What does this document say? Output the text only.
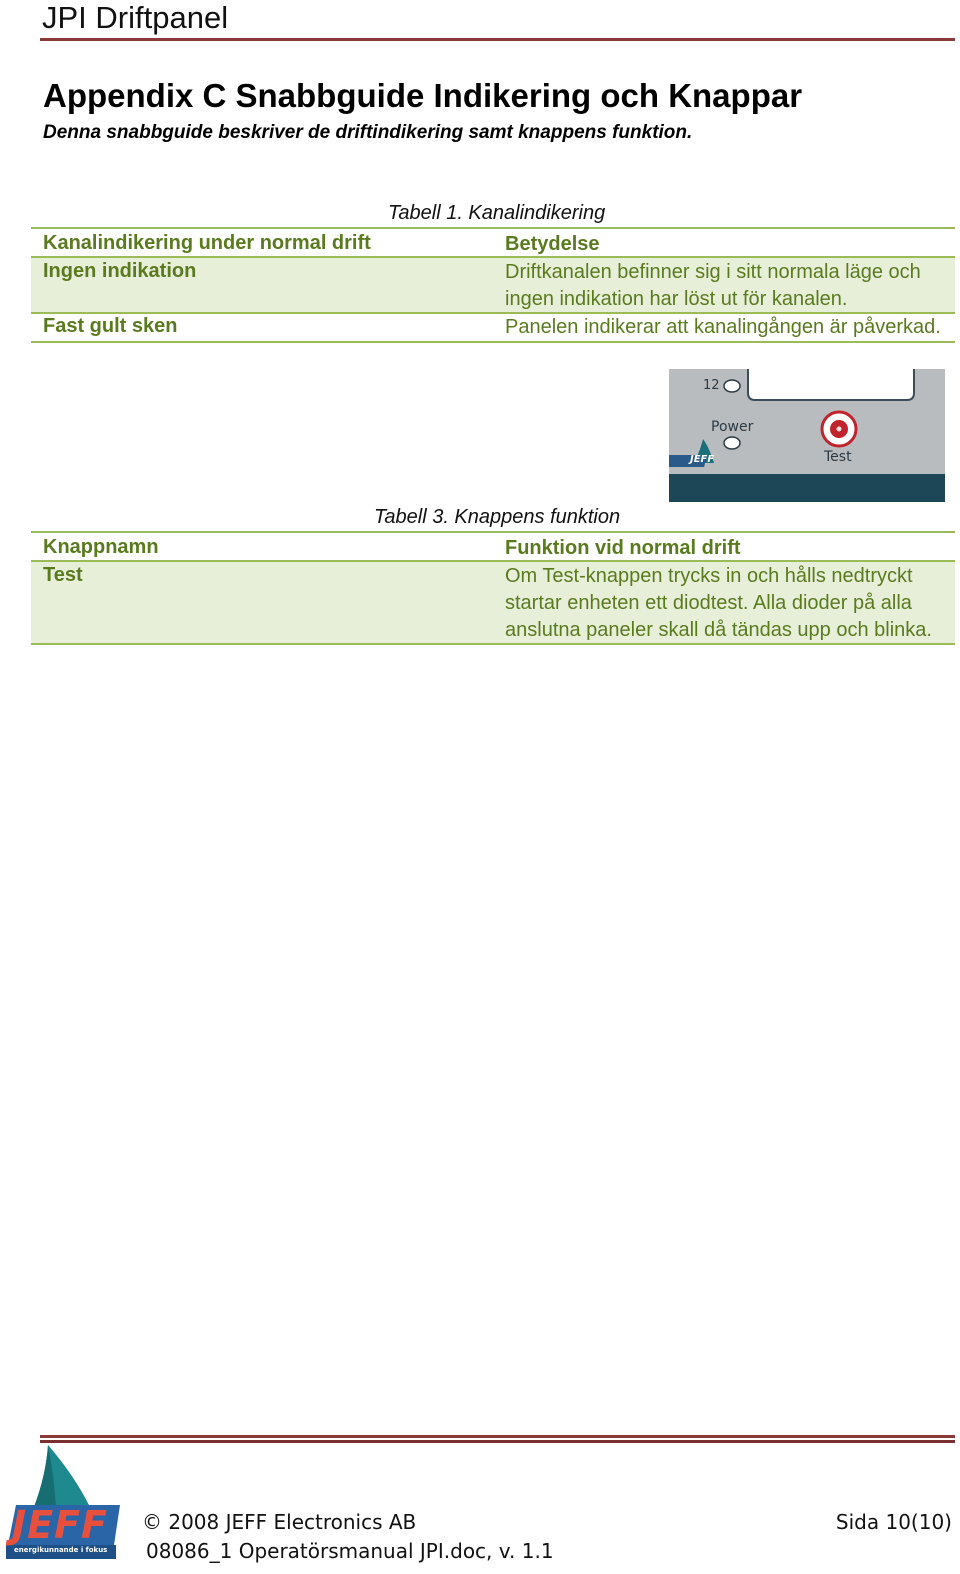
JPI Driftpanel
Appendix C Snabbguide Indikering och Knappar
Denna snabbguide beskriver de driftindikering samt knappens funktion.
Tabell 1. Kanalindikering
Kanalindikering under normal drift	Betydelse
Ingen indikation	Driftkanalen befinner sig i sitt normala läge och ingen indikation har löst ut för kanalen.
Fast gult sken	Panelen indikerar att kanalingången är påverkad.
12
Power
Test
JEFF
Tabell 3. Knappens funktion
Knappnamn	Funktion vid normal drift
Test	Om Test-knappen trycks in och hålls nedtryckt startar enheten ett diodtest. Alla dioder på alla anslutna paneler skall då tändas upp och blinka.
JEFF
energikunnande i fokus
© 2008 JEFF Electronics AB
08086_1 Operatörsmanual JPI.doc, v. 1.1
Sida 10(10)
